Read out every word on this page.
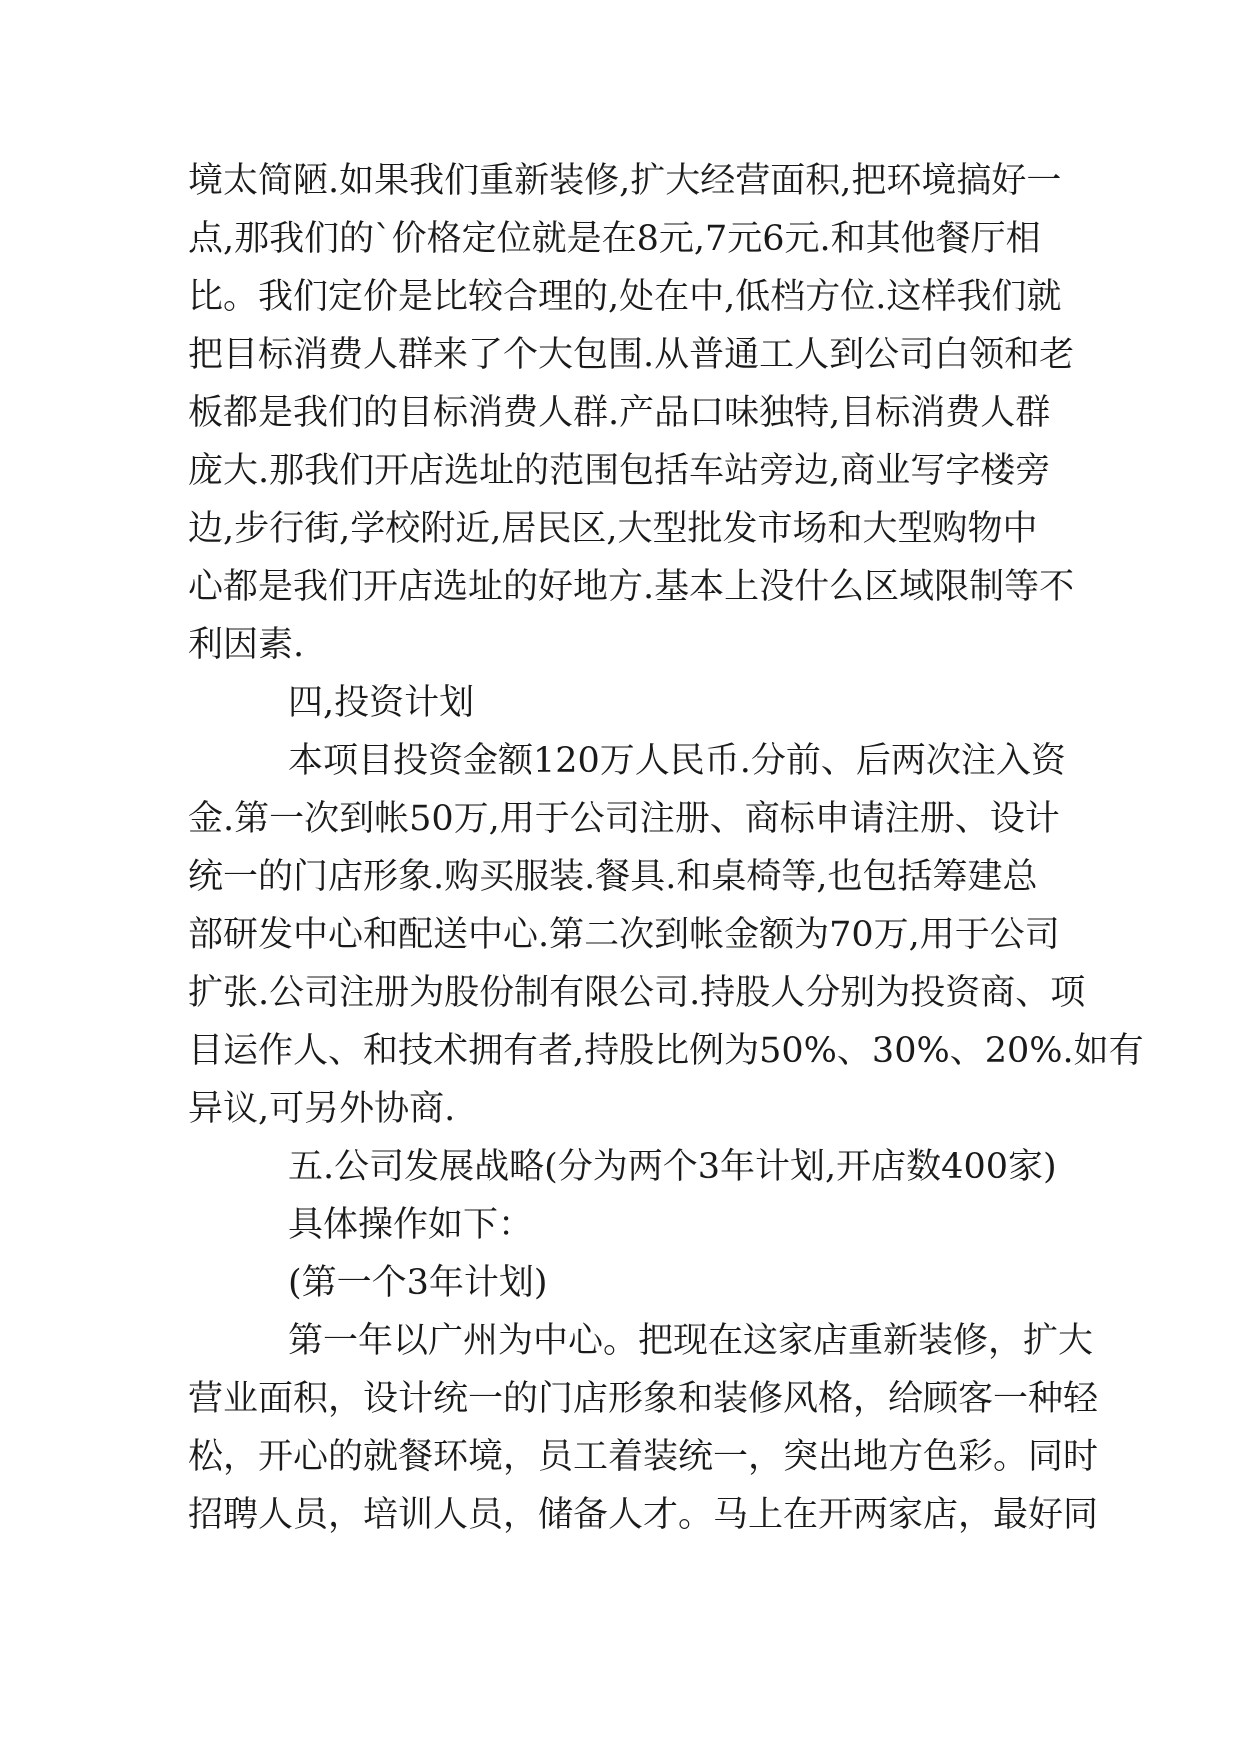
境太简陋.如果我们重新装修,扩大经营面积,把环境搞好一
点,那我们的`价格定位就是在8元,7元6元.和其他餐厅相
比。我们定价是比较合理的,处在中,低档方位.这样我们就
把目标消费人群来了个大包围.从普通工人到公司白领和老
板都是我们的目标消费人群.产品口味独特,目标消费人群
庞大.那我们开店选址的范围包括车站旁边,商业写字楼旁
边,步行街,学校附近,居民区,大型批发市场和大型购物中
心都是我们开店选址的好地方.基本上没什么区域限制等不
利因素.
四,投资计划
本项目投资金额120万人民币.分前、后两次注入资
金.第一次到帐50万,用于公司注册、商标申请注册、设计
统一的门店形象.购买服装.餐具.和桌椅等,也包括筹建总
部研发中心和配送中心.第二次到帐金额为70万,用于公司
扩张.公司注册为股份制有限公司.持股人分别为投资商、项
目运作人、和技术拥有者,持股比例为50%、30%、20%.如有
异议,可另外协商.
五.公司发展战略(分为两个3年计划,开店数400家)
具体操作如下：
(第一个3年计划)
第一年以广州为中心。把现在这家店重新装修，扩大
营业面积，设计统一的门店形象和装修风格，给顾客一种轻
松，开心的就餐环境，员工着装统一，突出地方色彩。同时
招聘人员，培训人员，储备人才。马上在开两家店，最好同
